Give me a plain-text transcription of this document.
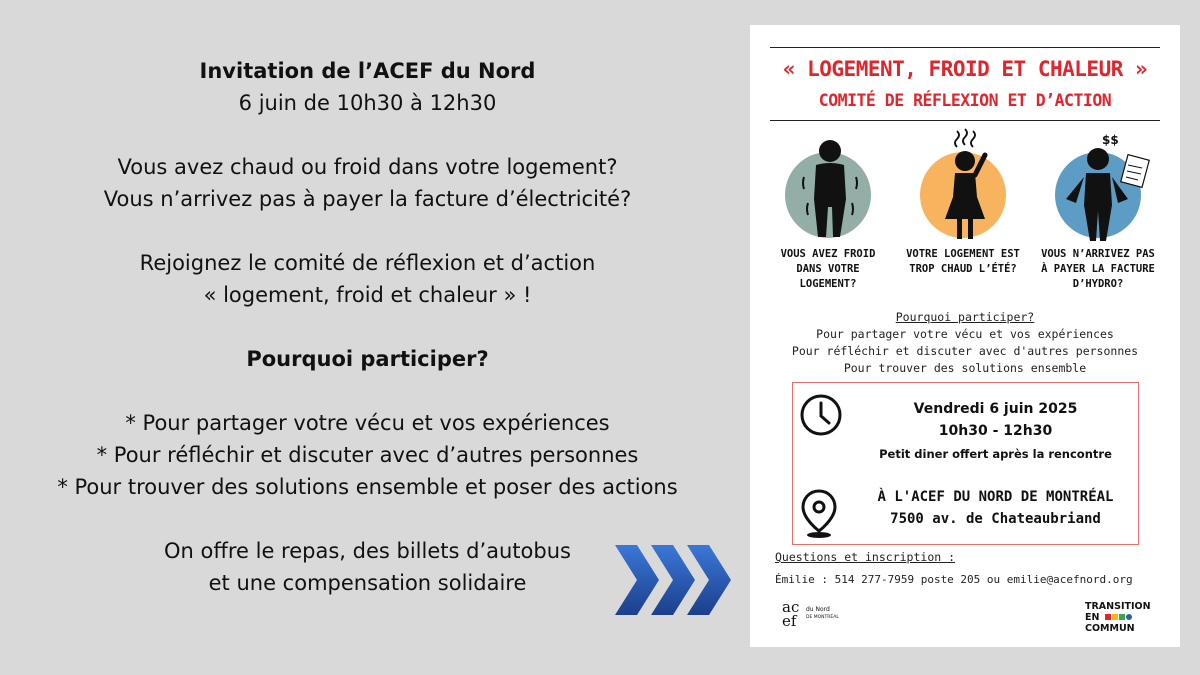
Invitation de l’ACEF du Nord
6 juin de 10h30 à 12h30
Vous avez chaud ou froid dans votre logement?
Vous n’arrivez pas à payer la facture d’électricité?
Rejoignez le comité de réflexion et d’action
« logement, froid et chaleur » !
Pourquoi participer?
* Pour partager votre vécu et vos expériences
* Pour réfléchir et discuter avec d’autres personnes
* Pour trouver des solutions ensemble et poser des actions
On offre le repas, des billets d’autobus
et une compensation solidaire
« LOGEMENT, FROID ET CHALEUR »
COMITÉ DE RÉFLEXION ET D’ACTION
VOUS AVEZ FROID DANS VOTRE LOGEMENT?
VOTRE LOGEMENT EST TROP CHAUD L’ÉTÉ?
$$
VOUS N’ARRIVEZ PAS À PAYER LA FACTURE D’HYDRO?
Pourquoi participer?
Pour partager votre vécu et vos expériences
Pour réfléchir et discuter avec d'autres personnes
Pour trouver des solutions ensemble
Vendredi 6 juin 2025
10h30 - 12h30
Petit diner offert après la rencontre
À L'ACEF DU NORD DE MONTRÉAL
7500 av. de Chateaubriand
Questions et inscription :
Émilie : 514 277-7959 poste 205 ou emilie@acefnord.org
acef
du Nord
DE MONTRÉAL
TRANSITION
EN
COMMUN
